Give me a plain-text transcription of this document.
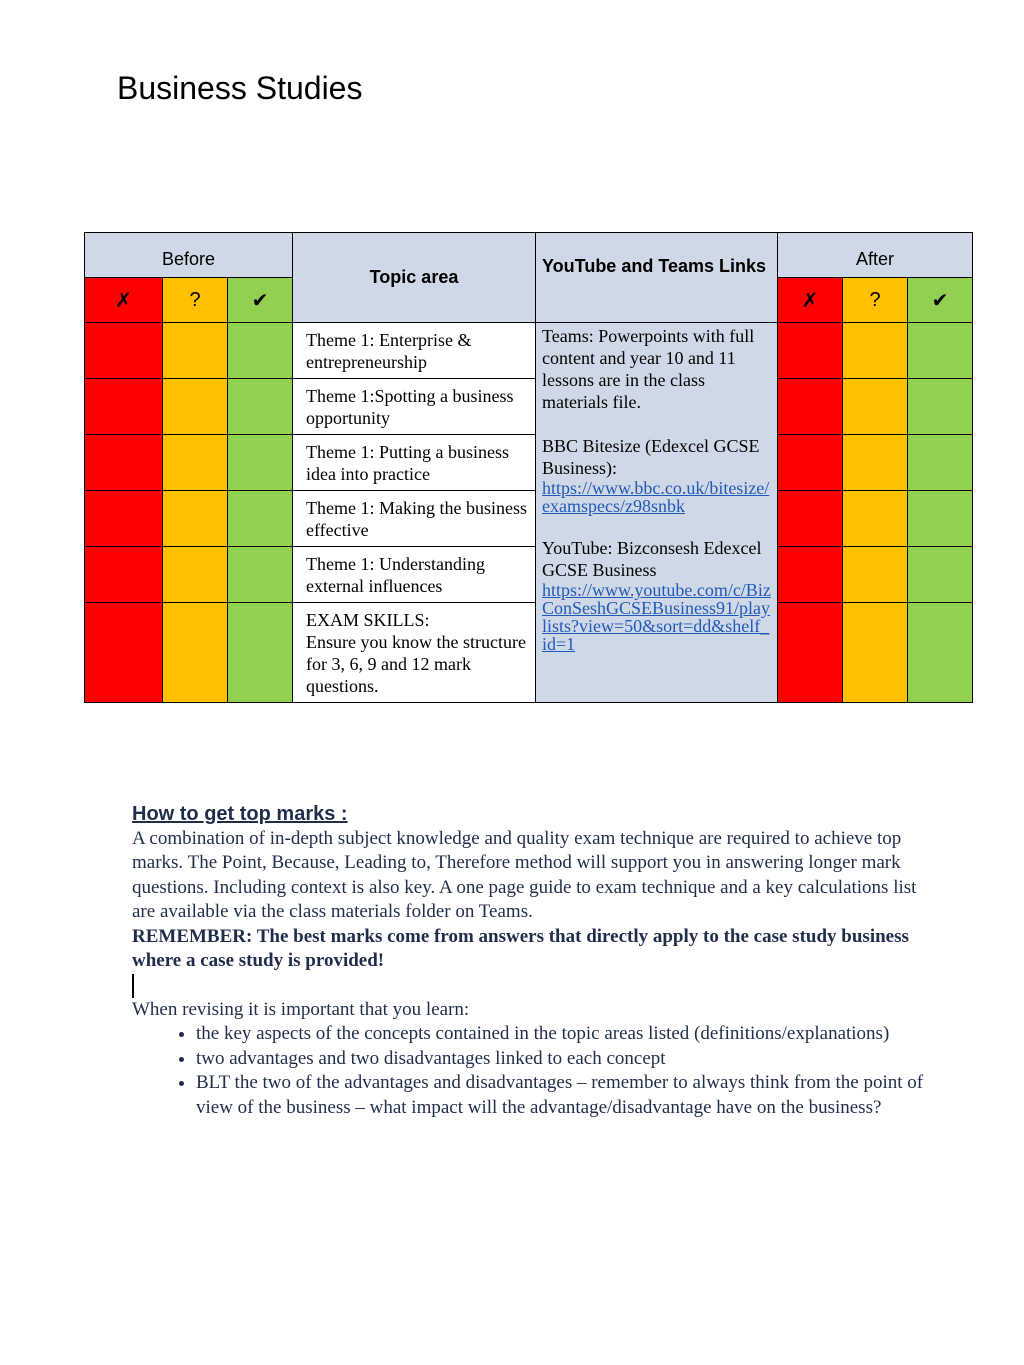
Business Studies
Before			Topic area	YouTube and Teams Links	After		
✗	?	✔			✗	?	✔
			Theme 1: Enterprise & entrepreneurship	Teams: Powerpoints with full content and year 10 and 11 lessons are in the class materials file.
BBC Bitesize (Edexcel GCSE Business):
https://www.bbc.co.uk/bitesize/examspecs/z98snbk
YouTube: Bizconsesh Edexcel GCSE Business
https://www.youtube.com/c/BizConSeshGCSEBusiness91/playlists?view=50&sort=dd&shelf_id=1			

			Theme 1:Spotting a business opportunity				
			Theme 1: Putting a business idea into practice				
			Theme 1: Making the business effective				
			Theme 1: Understanding external influences				

			EXAM SKILLS:
Ensure you know the structure for 3, 6, 9 and 12 mark questions.				

How to get top marks :
A combination of in-depth subject knowledge and quality exam technique are required to achieve top marks. The Point, Because, Leading to, Therefore method will support you in answering longer mark questions. Including context is also key. A one page guide to exam technique and a key calculations list are available via the class materials folder on Teams.
REMEMBER: The best marks come from answers that directly apply to the case study business where a case study is provided!
When revising it is important that you learn:
• the key aspects of the concepts contained in the topic areas listed (definitions/explanations)
• two advantages and two disadvantages linked to each concept
• BLT the two of the advantages and disadvantages – remember to always think from the point of view of the business – what impact will the advantage/disadvantage have on the business?
